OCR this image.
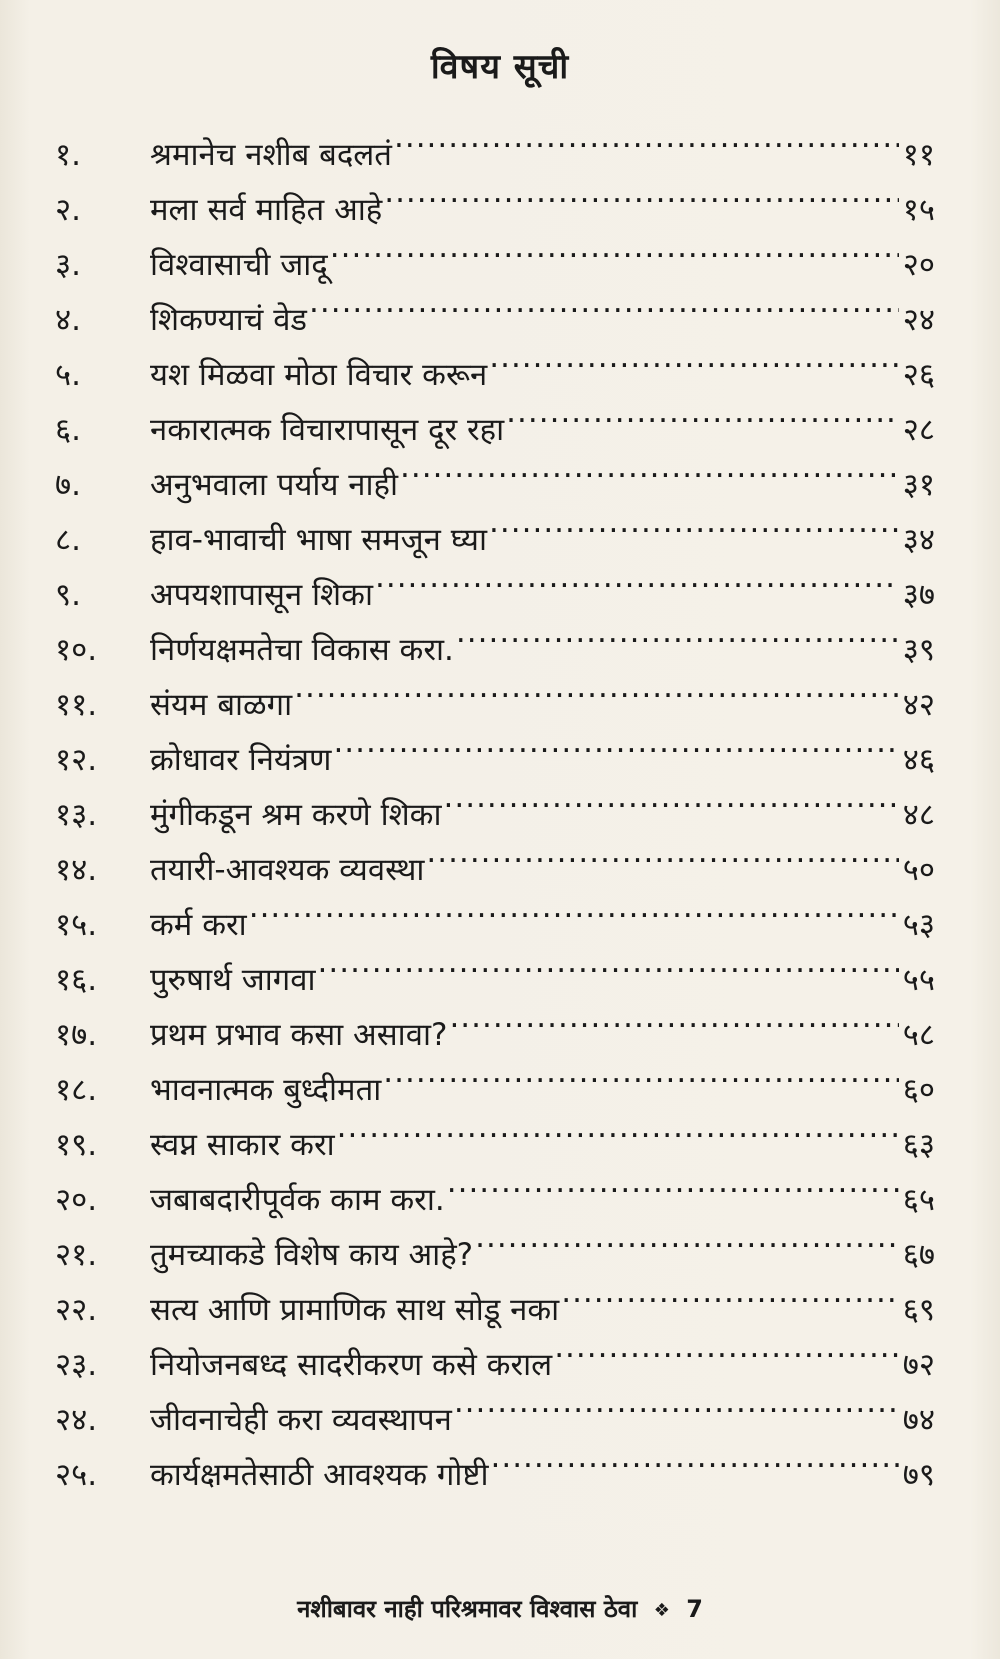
विषय सूची
१.	श्रमानेच नशीब बदलतं .....	११
२.	मला सर्व माहित आहे .....	१५
३.	विश्वासाची जादू .....	२०
४.	शिकण्याचं वेड .....	२४
५.	यश मिळवा मोठा विचार करून .....	२६
६.	नकारात्मक विचारापासून दूर रहा .....	२८
७.	अनुभवाला पर्याय नाही .....	३१
८.	हाव-भावाची भाषा समजून घ्या .....	३४
९.	अपयशापासून शिका .....	३७
१०.	निर्णयक्षमतेचा विकास करा. .....	३९
११.	संयम बाळगा .....	४२
१२.	क्रोधावर नियंत्रण .....	४६
१३.	मुंगीकडून श्रम करणे शिका .....	४८
१४.	तयारी-आवश्यक व्यवस्था .....	५०
१५.	कर्म करा .....	५३
१६.	पुरुषार्थ जागवा .....	५५
१७.	प्रथम प्रभाव कसा असावा? .....	५८
१८.	भावनात्मक बुध्दीमता .....	६०
१९.	स्वप्न साकार करा .....	६३
२०.	जबाबदारीपूर्वक काम करा. .....	६५
२१.	तुमच्याकडे विशेष काय आहे? .....	६७
२२.	सत्य आणि प्रामाणिक साथ सोडू नका .....	६९
२३.	नियोजनबध्द सादरीकरण कसे कराल .....	७२
२४.	जीवनाचेही करा व्यवस्थापन .....	७४
२५.	कार्यक्षमतेसाठी आवश्यक गोष्टी .....	७९
नशीबावर नाही परिश्रमावर विश्वास ठेवा ❖ 7
